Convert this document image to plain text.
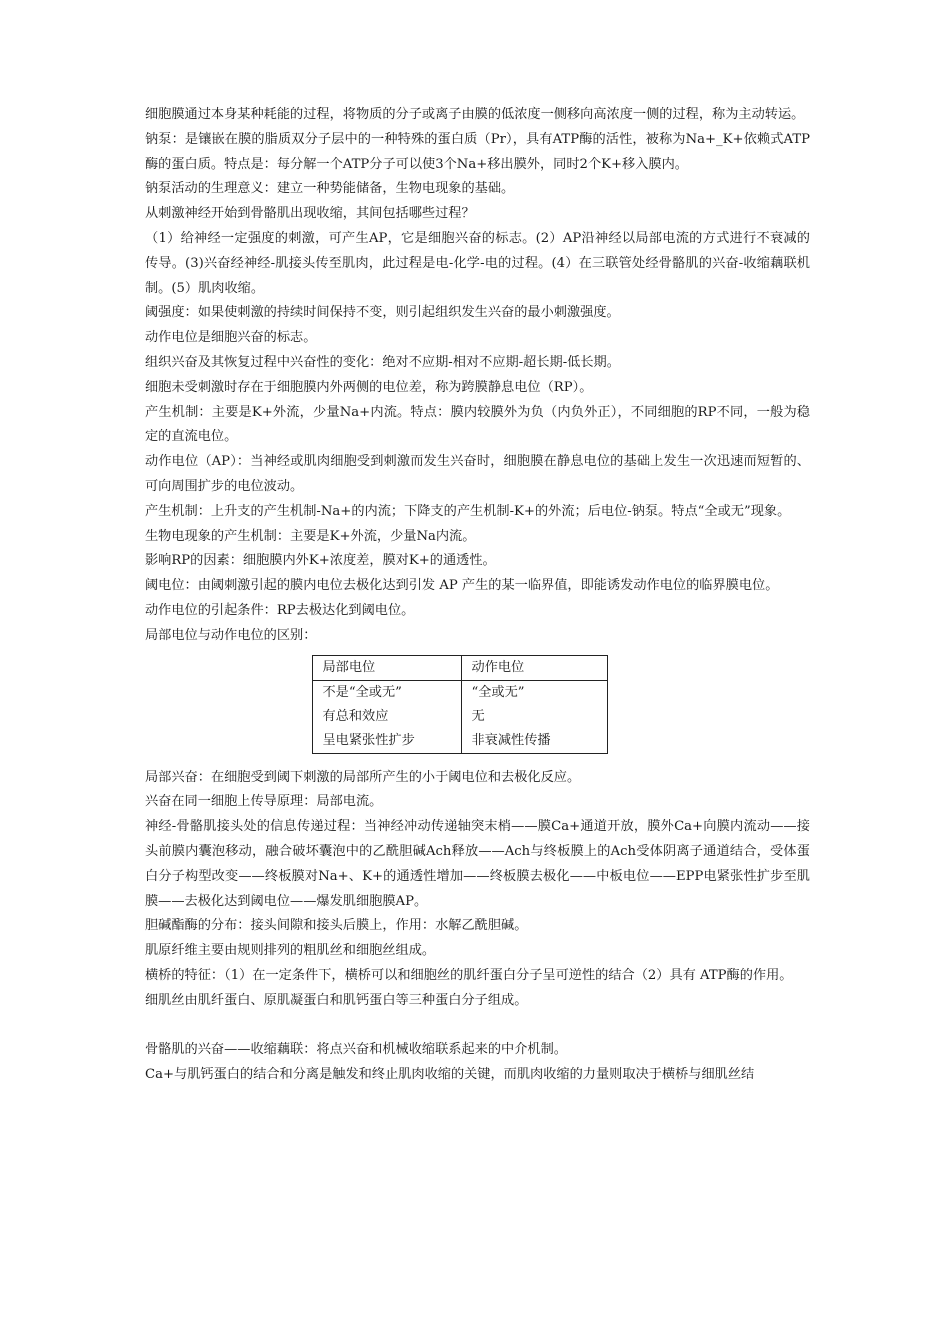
细胞膜通过本身某种耗能的过程，将物质的分子或离子由膜的低浓度一侧移向高浓度一侧的过程，称为主动转运。

钠泵：是镶嵌在膜的脂质双分子层中的一种特殊的蛋白质（Pr），具有ATP酶的活性，被称为Na+_K+依赖式ATP酶的蛋白质。特点是：每分解一个ATP分子可以使3个Na+移出膜外，同时2个K+移入膜内。

钠泵活动的生理意义：建立一种势能储备，生物电现象的基础。

从刺激神经开始到骨骼肌出现收缩，其间包括哪些过程？

（1）给神经一定强度的刺激，可产生AP，它是细胞兴奋的标志。(2）AP沿神经以局部电流的方式进行不衰减的传导。(3)兴奋经神经-肌接头传至肌肉，此过程是电-化学-电的过程。(4）在三联管处经骨骼肌的兴奋-收缩藕联机制。(5）肌肉收缩。

阈强度：如果使刺激的持续时间保持不变，则引起组织发生兴奋的最小刺激强度。

动作电位是细胞兴奋的标志。

组织兴奋及其恢复过程中兴奋性的变化：绝对不应期-相对不应期-超长期-低长期。

细胞未受刺激时存在于细胞膜内外两侧的电位差，称为跨膜静息电位（RP）。

产生机制：主要是K+外流，少量Na+内流。特点：膜内较膜外为负（内负外正），不同细胞的RP不同，一般为稳定的直流电位。

动作电位（AP）：当神经或肌肉细胞受到刺激而发生兴奋时，细胞膜在静息电位的基础上发生一次迅速而短暂的、可向周围扩步的电位波动。

产生机制：上升支的产生机制-Na+的内流；下降支的产生机制-K+的外流；后电位-钠泵。特点“全或无”现象。

生物电现象的产生机制：主要是K+外流，少量Na内流。

影响RP的因素：细胞膜内外K+浓度差，膜对K+的通透性。

阈电位：由阈刺激引起的膜内电位去极化达到引发 AP 产生的某一临界值，即能诱发动作电位的临界膜电位。

动作电位的引起条件：RP去极达化到阈电位。

局部电位与动作电位的区别：

局部电位	动作电位
不是“全或无”	“全或无”
有总和效应	无
呈电紧张性扩步	非衰减性传播

局部兴奋：在细胞受到阈下刺激的局部所产生的小于阈电位和去极化反应。

兴奋在同一细胞上传导原理：局部电流。

神经-骨骼肌接头处的信息传递过程：当神经冲动传递轴突末梢——膜Ca+通道开放，膜外Ca+向膜内流动——接头前膜内囊泡移动，融合破坏囊泡中的乙酰胆碱Ach释放——Ach与终板膜上的Ach受体阴离子通道结合，受体蛋白分子构型改变——终板膜对Na+、K+的通透性增加——终板膜去极化——中板电位——EPP电紧张性扩步至肌膜——去极化达到阈电位——爆发肌细胞膜AP。

胆碱酯酶的分布：接头间隙和接头后膜上，作用：水解乙酰胆碱。

肌原纤维主要由规则排列的粗肌丝和细胞丝组成。

横桥的特征：（1）在一定条件下，横桥可以和细胞丝的肌纤蛋白分子呈可逆性的结合（2）具有 ATP酶的作用。

细肌丝由肌纤蛋白、原肌凝蛋白和肌钙蛋白等三种蛋白分子组成。

骨骼肌的兴奋——收缩藕联：将点兴奋和机械收缩联系起来的中介机制。

Ca+与肌钙蛋白的结合和分离是触发和终止肌肉收缩的关键，而肌肉收缩的力量则取决于横桥与细肌丝结
